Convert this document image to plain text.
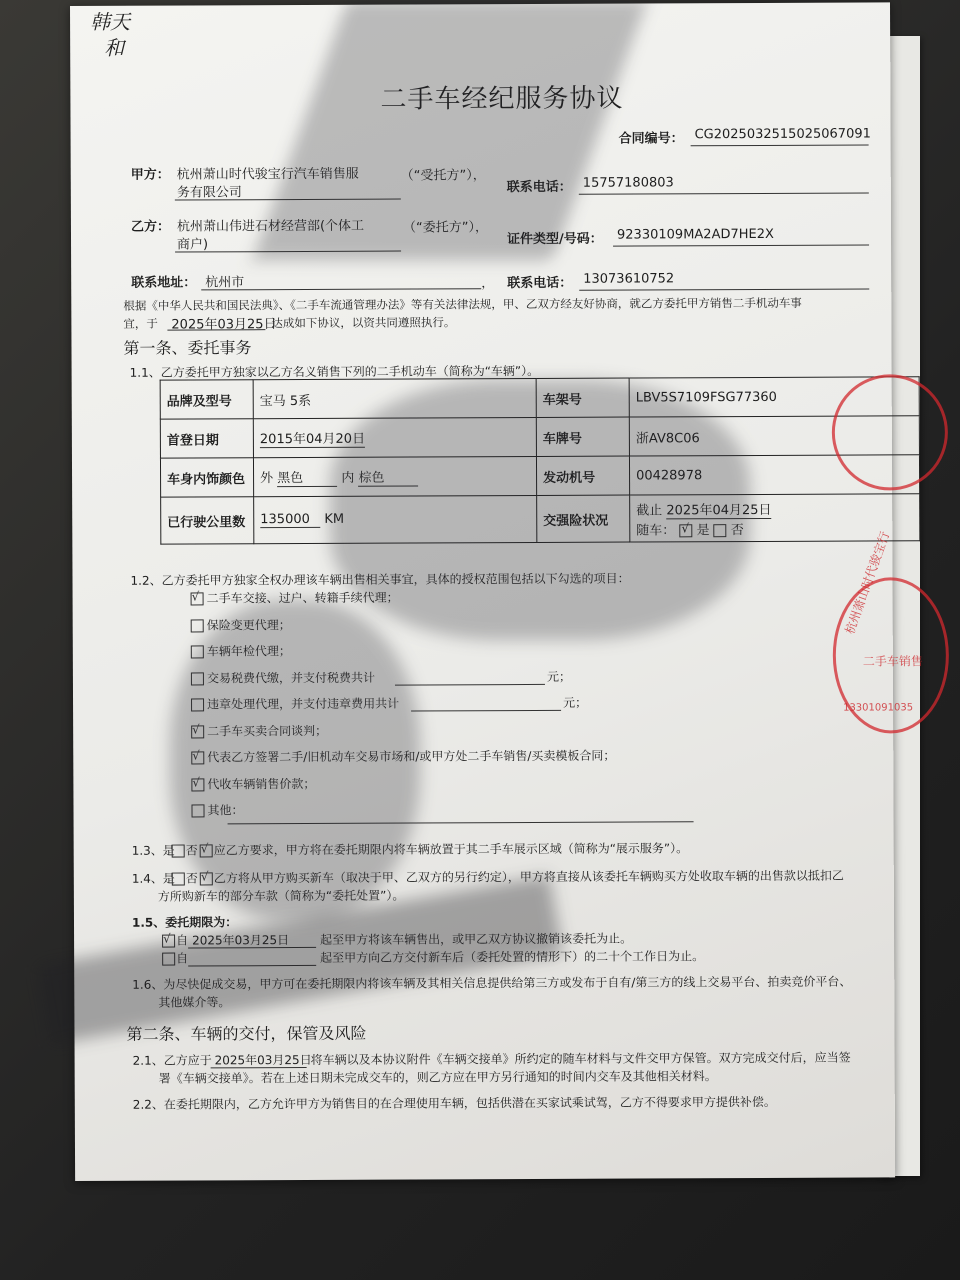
韩天
和
二手车经纪服务协议
合同编号： CG2025032515025067091
甲方： 杭州萧山时代骏宝行汽车销售服
务有限公司
（“受托方”），
联系电话： 15757180803
乙方： 杭州萧山伟进石材经营部(个体工
商户)
（“委托方”），
证件类型/号码： 92330109MA2AD7HE2X
联系地址： 杭州市	， 联系电话： 13073610752
根据《中华人民共和国民法典》、《二手车流通管理办法》等有关法律法规，甲、乙双方经友好协商，就乙方委托甲方销售二手机动车事
宜，于 2025年03月25日
达成如下协议，以资共同遵照执行。
第一条、委托事务
1.1、乙方委托甲方独家以乙方名义销售下列的二手机动车（简称为“车辆”）。
品牌及型号	宝马 5系	车架号	LBV5S7109FSG77360
首登日期	2015年04月20日	车牌号	浙AV8C06
车身内饰颜色	外 黑色 内 棕色	发动机号	00428978
已行驶公里数	135000 KM	交强险状况	截止 2025年04月25日
随车： √ 是 否
1.2、乙方委托甲方独家全权办理该车辆出售相关事宜，具体的授权范围包括以下勾选的项目：
√
二手车交接、过户、转籍手续代理；
保险变更代理；
车辆年检代理；
交易税费代缴，并支付税费共计	元；
违章处理代理，并支付违章费用共计	元；
√
二手车买卖合同谈判；
√
代表乙方签署二手/旧机动车交易市场和/或甲方处二手车销售/买卖模板合同；
√
代收车辆销售价款；
其他：
1.3、是 否 √ 应乙方要求，甲方将在委托期限内将车辆放置于其二手车展示区域（简称为“展示服务”）。
1.4、是 否 √ 乙方将从甲方购买新车（取决于甲、乙双方的另行约定），甲方将直接从该委托车辆购买方处收取车辆的出售款以抵扣乙
方所购新车的部分车款（简称为“委托处置”）。
1.5、委托期限为：
√
自 2025年03月25日	起至甲方将该车辆售出，或甲乙双方协议撤销该委托为止。
自	起至甲方向乙方交付新车后（委托处置的情形下）的二十个工作日为止。
1.6、为尽快促成交易，甲方可在委托期限内将该车辆及其相关信息提供给第三方或发布于自有/第三方的线上交易平台、拍卖竞价平台、
其他媒介等。
第二条、车辆的交付，保管及风险
2.1、乙方应于 2025年03月25日
将车辆以及本协议附件《车辆交接单》所约定的随车材料与文件交甲方保管。双方完成交付后，应当签
署《车辆交接单》。若在上述日期未完成交车的，则乙方应在甲方另行通知的时间内交车及其他相关材料。
2.2、在委托期限内，乙方允许甲方为销售目的在合理使用车辆，包括供潜在买家试乘试驾，乙方不得要求甲方提供补偿。
杭州萧山时代骏宝行
二手车销售
13301091035
